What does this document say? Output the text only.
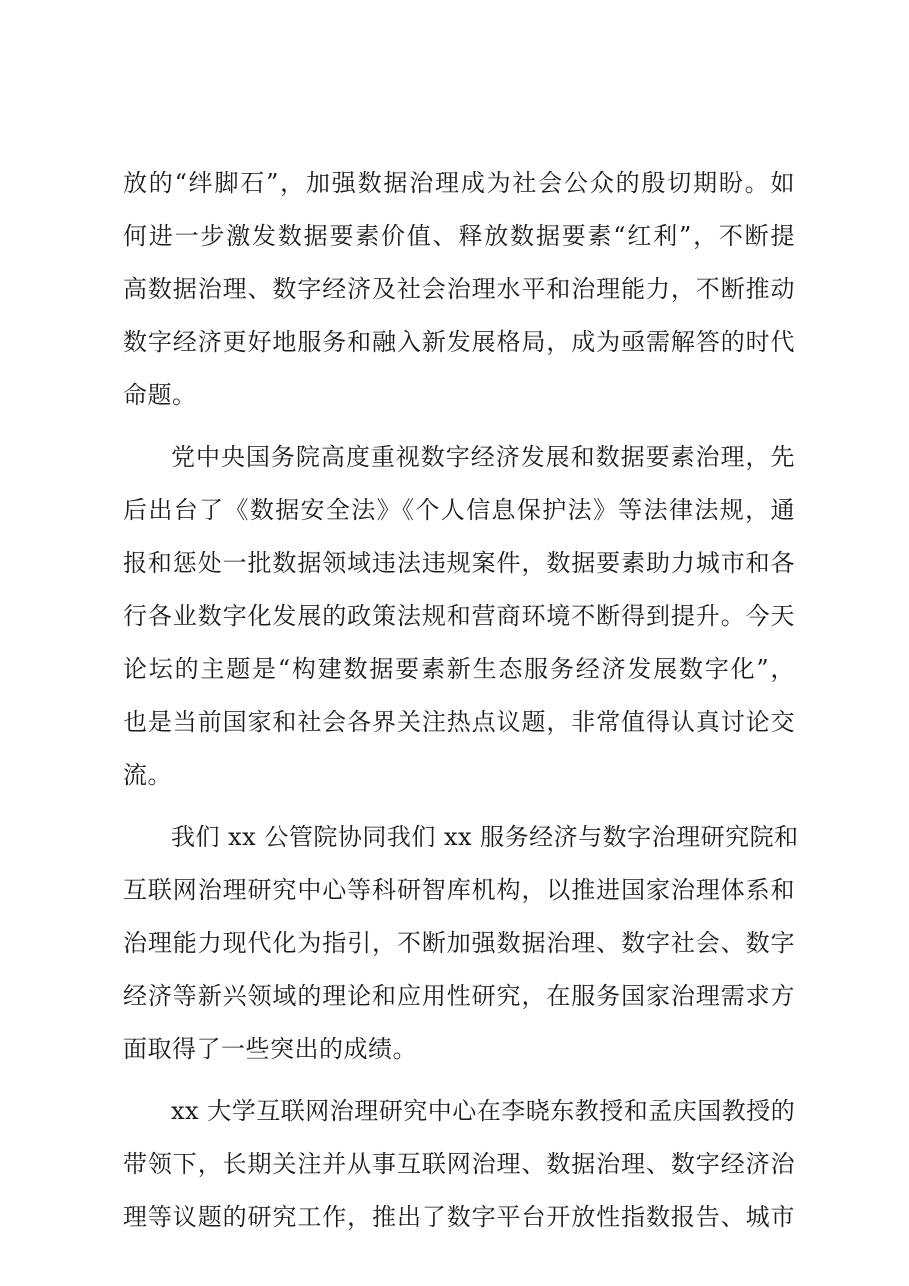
放的“绊脚石”，加强数据治理成为社会公众的殷切期盼。如
何进一步激发数据要素价值、释放数据要素“红利”，不断提
高数据治理、数字经济及社会治理水平和治理能力，不断推动
数字经济更好地服务和融入新发展格局，成为亟需解答的时代
命题。
党中央国务院高度重视数字经济发展和数据要素治理，先
后出台了《数据安全法》《个人信息保护法》等法律法规，通
报和惩处一批数据领域违法违规案件，数据要素助力城市和各
行各业数字化发展的政策法规和营商环境不断得到提升。今天
论坛的主题是“构建数据要素新生态服务经济发展数字化”，
也是当前国家和社会各界关注热点议题，非常值得认真讨论交
流。
我们 xx 公管院协同我们 xx 服务经济与数字治理研究院和
互联网治理研究中心等科研智库机构，以推进国家治理体系和
治理能力现代化为指引，不断加强数据治理、数字社会、数字
经济等新兴领域的理论和应用性研究，在服务国家治理需求方
面取得了一些突出的成绩。
xx 大学互联网治理研究中心在李晓东教授和孟庆国教授的
带领下，长期关注并从事互联网治理、数据治理、数字经济治
理等议题的研究工作，推出了数字平台开放性指数报告、城市
